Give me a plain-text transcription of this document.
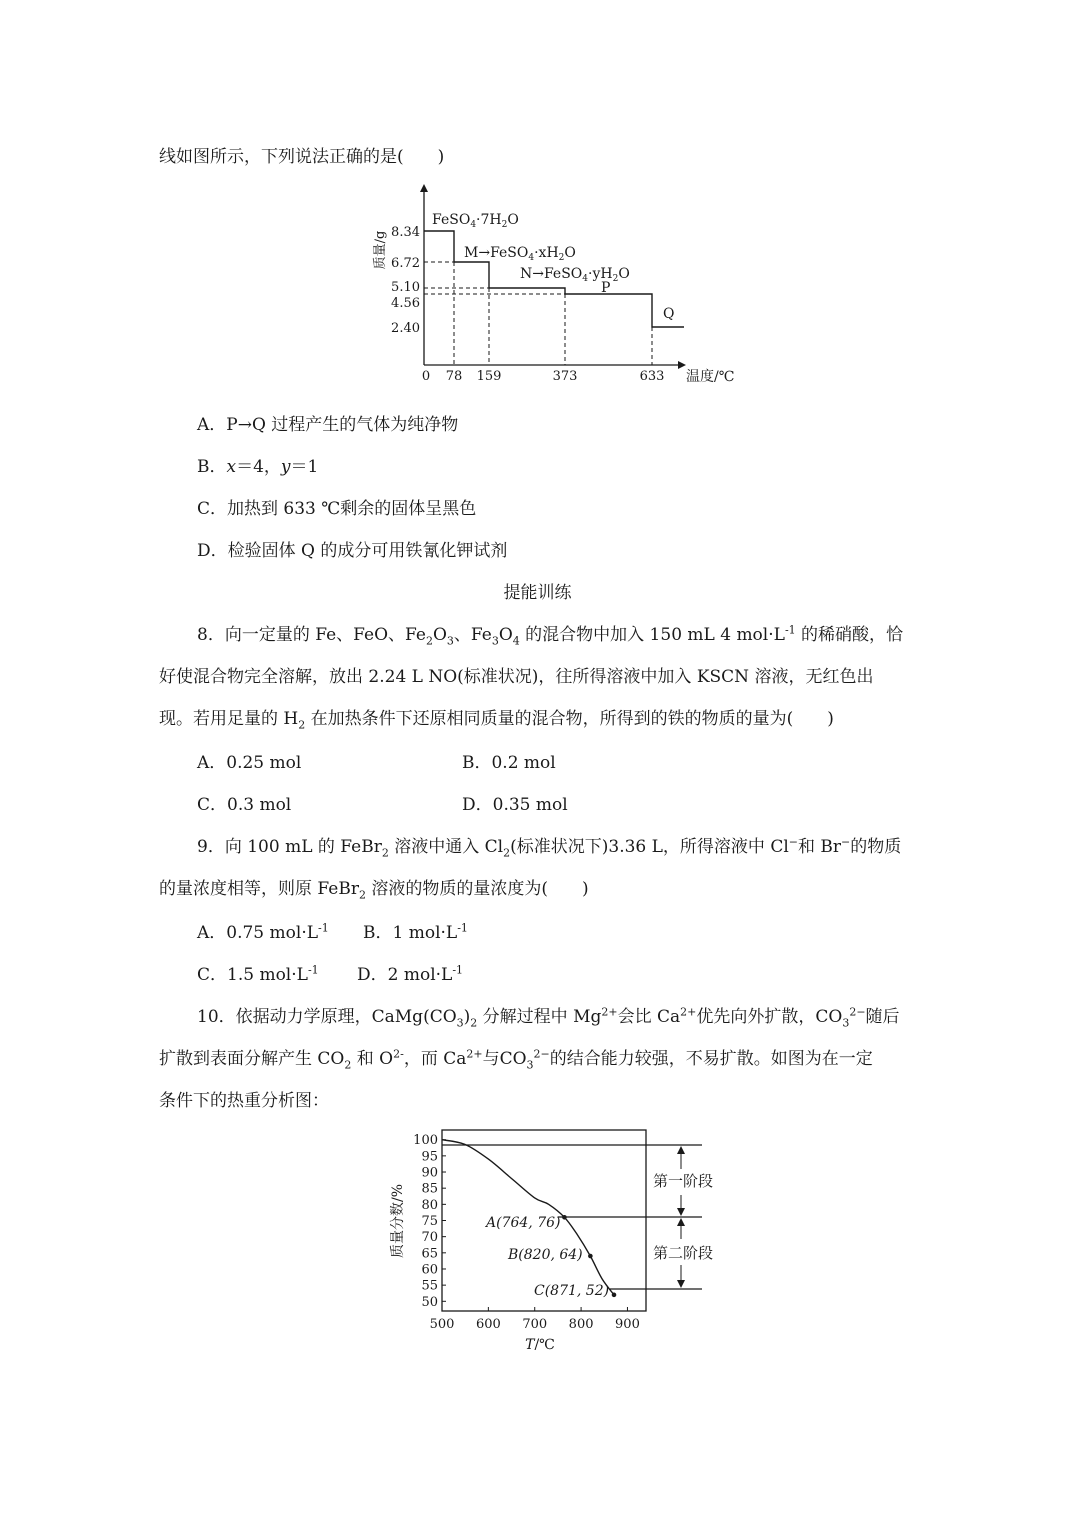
线如图所示，下列说法正确的是(　　)
8.34
6.72
5.10
4.56
2.40
质量/g
0 78 159	373	633 温度/℃
$FeSO_4\cdot 7H_2O$
$M\to FeSO_4\cdot xH_2O$
$N\to FeSO_4\cdot yH_2O$
P
Q
A．P→Q 过程产生的气体为纯净物
B．x＝4，y＝1
C．加热到 633 ℃剩余的固体呈黑色
D．检验固体 Q 的成分可用铁氰化钾试剂
提能训练
8．向一定量的 Fe、FeO、$Fe_2O_3$、$Fe_3O_4$ 的混合物中加入 150 mL 4 $mol\cdot L^{-1}$ 的稀硝酸，恰
好使混合物完全溶解，放出 2.24 L NO(标准状况)，往所得溶液中加入 KSCN 溶液，无红色出
现。若用足量的 $H_2$ 在加热条件下还原相同质量的混合物，所得到的铁的物质的量为(　　)
A．0.25 mol	B．0.2 mol
C．0.3 mol	D．0.35 mol
9．向 100 mL 的 FeBr$_2$ 溶液中通入 $Cl_2$(标准状况下)3.36 L，所得溶液中 Cl−和 Br−的物质
的量浓度相等，则原 FeBr$_2$ 溶液的物质的量浓度为(　　)
A．0.75 $mol\cdot L^{-1}$ B．1 $mol\cdot L^{-1}$
C．1.5 $mol\cdot L^{-1}$ D．2 $mol\cdot L^{-1}$
10．依据动力学原理，$CaMg(CO_3)_2$ 分解过程中 $Mg^{2+}$会比 $Ca^{2+}$优先向外扩散，$CO_3^{2-}$随后
扩散到表面分解产生 $CO_2$ 和 $O^{2-}$，而 $Ca^{2+}$与$CO_3^{2-}$的结合能力较强，不易扩散。如图为在一定
条件下的热重分析图：
第一阶段
第二阶段
A(764, 76)
B(820, 64)
C(871, 52)
100
95
90
85
80
75
70
65
60
55
50
质量分数/%
500 600 700 800 900
T/℃
